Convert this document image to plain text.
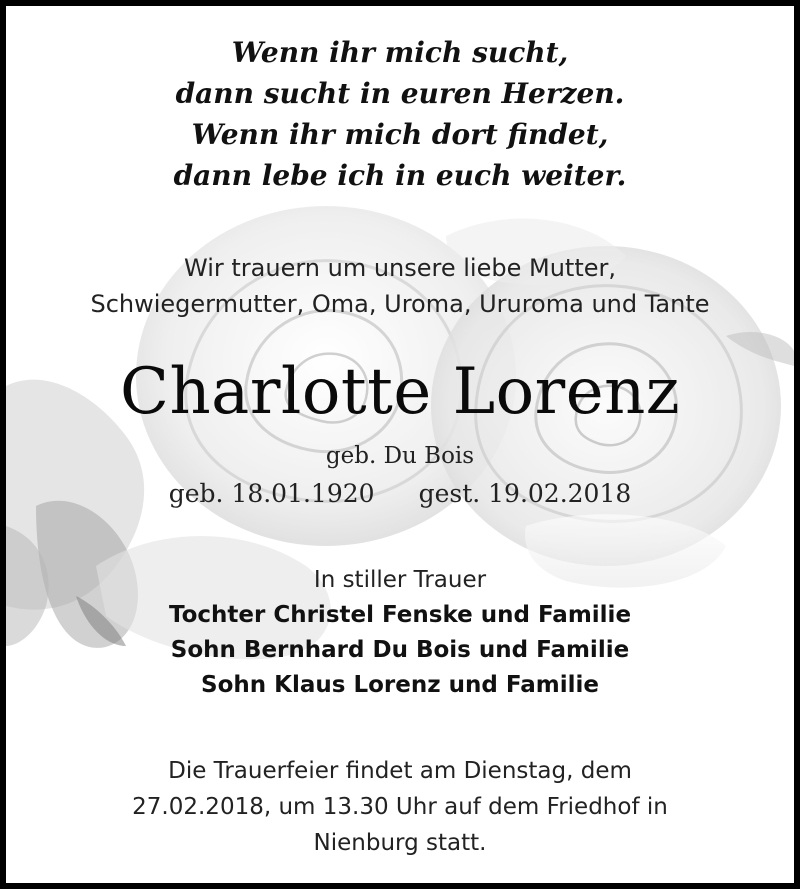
Wenn ihr mich sucht,
dann sucht in euren Herzen.
Wenn ihr mich dort findet,
dann lebe ich in euch weiter.
Wir trauern um unsere liebe Mutter,
Schwiegermutter, Oma, Uroma, Ururoma und Tante
Charlotte Lorenz
geb. Du Bois
geb. 18.01.1920 gest. 19.02.2018
In stiller Trauer
Tochter Christel Fenske und Familie
Sohn Bernhard Du Bois und Familie
Sohn Klaus Lorenz und Familie
Die Trauerfeier findet am Dienstag, dem
27.02.2018, um 13.30 Uhr auf dem Friedhof in
Nienburg statt.
